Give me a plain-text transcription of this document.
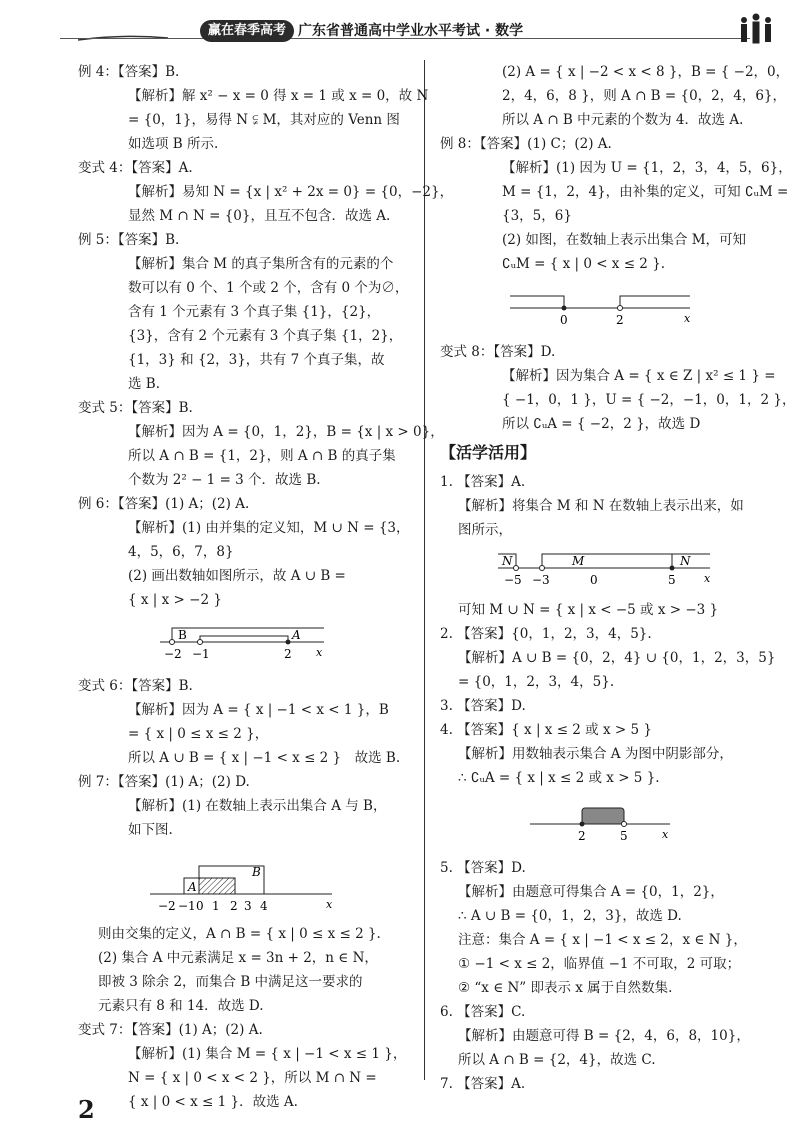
赢在春季高考 广东省普通高中学业水平考试 · 数学
例 4：【答案】B.
【解析】解 x² − x = 0 得 x = 1 或 x = 0，故 N
= {0，1}，易得 N ⫋ M，其对应的 Venn 图
如选项 B 所示.
变式 4：【答案】A.
【解析】易知 N = {x | x² + 2x = 0} = {0，−2}，
显然 M ∩ N = {0}，且互不包含．故选 A.
例 5：【答案】B.
【解析】集合 M 的真子集所含有的元素的个
数可以有 0 个、1 个或 2 个，含有 0 个为∅，
含有 1 个元素有 3 个真子集 {1}，{2}，
{3}，含有 2 个元素有 3 个真子集 {1，2}，
{1，3} 和 {2，3}，共有 7 个真子集，故
选 B.
变式 5：【答案】B.
【解析】因为 A = {0，1，2}，B = {x | x > 0}，
所以 A ∩ B = {1，2}，则 A ∩ B 的真子集
个数为 2² − 1 = 3 个．故选 B.
例 6：【答案】(1) A；(2) A.
【解析】(1) 由并集的定义知，M ∪ N = {3，
4，5，6，7，8}
(2) 画出数轴如图所示，故 A ∪ B =
{ x | x > −2 }
B	A
−2 −1	2 x
变式 6：【答案】B.
【解析】因为 A = { x | −1 < x < 1 }，B
= { x | 0 ≤ x ≤ 2 }，
所以 A ∪ B = { x | −1 < x ≤ 2 }　故选 B.
例 7：【答案】(1) A；(2) D.
【解析】(1) 在数轴上表示出集合 A 与 B，
如下图.
A
B
−2 −1 0 1 2 3 4	x
则由交集的定义，A ∩ B = { x | 0 ≤ x ≤ 2 }.
(2) 集合 A 中元素满足 x = 3n + 2，n ∈ N，
即被 3 除余 2，而集合 B 中满足这一要求的
元素只有 8 和 14．故选 D.
变式 7：【答案】(1) A；(2) A.
【解析】(1) 集合 M = { x | −1 < x ≤ 1 }，
N = { x | 0 < x < 2 }，所以 M ∩ N =
{ x | 0 < x ≤ 1 }．故选 A.
(2) A = { x | −2 < x < 8 }，B = { −2，0，
2，4，6，8 }，则 A ∩ B = {0，2，4，6}，
所以 A ∩ B 中元素的个数为 4．故选 A.
例 8：【答案】(1) C；(2) A.
【解析】(1) 因为 U = {1，2，3，4，5，6}，
M = {1，2，4}，由补集的定义，可知 ∁ᵤM =
{3，5，6}
(2) 如图，在数轴上表示出集合 M，可知
∁ᵤM = { x | 0 < x ≤ 2 }.
0	2	x
变式 8：【答案】D.
【解析】因为集合 A = { x ∈ Z | x² ≤ 1 } =
{ −1，0，1 }，U = { −2，−1，0，1，2 }，
所以 ∁ᵤA = { −2，2 }，故选 D
【活学活用】
1. 【答案】A.
【解析】将集合 M 和 N 在数轴上表示出来，如
图所示，
N	M	N
−5 −3	0	5	x
可知 M ∪ N = { x | x < −5 或 x > −3 }
2. 【答案】{0，1，2，3，4，5}.
【解析】A ∪ B = {0，2，4} ∪ {0，1，2，3，5}
= {0，1，2，3，4，5}.
3. 【答案】D.
4. 【答案】{ x | x ≤ 2 或 x > 5 }
【解析】用数轴表示集合 A 为图中阴影部分，
∴ ∁ᵤA = { x | x ≤ 2 或 x > 5 }.
2	5	x
5. 【答案】D.
【解析】由题意可得集合 A = {0，1，2}，
∴ A ∪ B = {0，1，2，3}，故选 D.
注意：集合 A = { x | −1 < x ≤ 2，x ∈ N }，
① −1 < x ≤ 2，临界值 −1 不可取，2 可取；
② “x ∈ N” 即表示 x 属于自然数集.
6. 【答案】C.
【解析】由题意可得 B = {2，4，6，8，10}，
所以 A ∩ B = {2，4}，故选 C.
7. 【答案】A.
2
